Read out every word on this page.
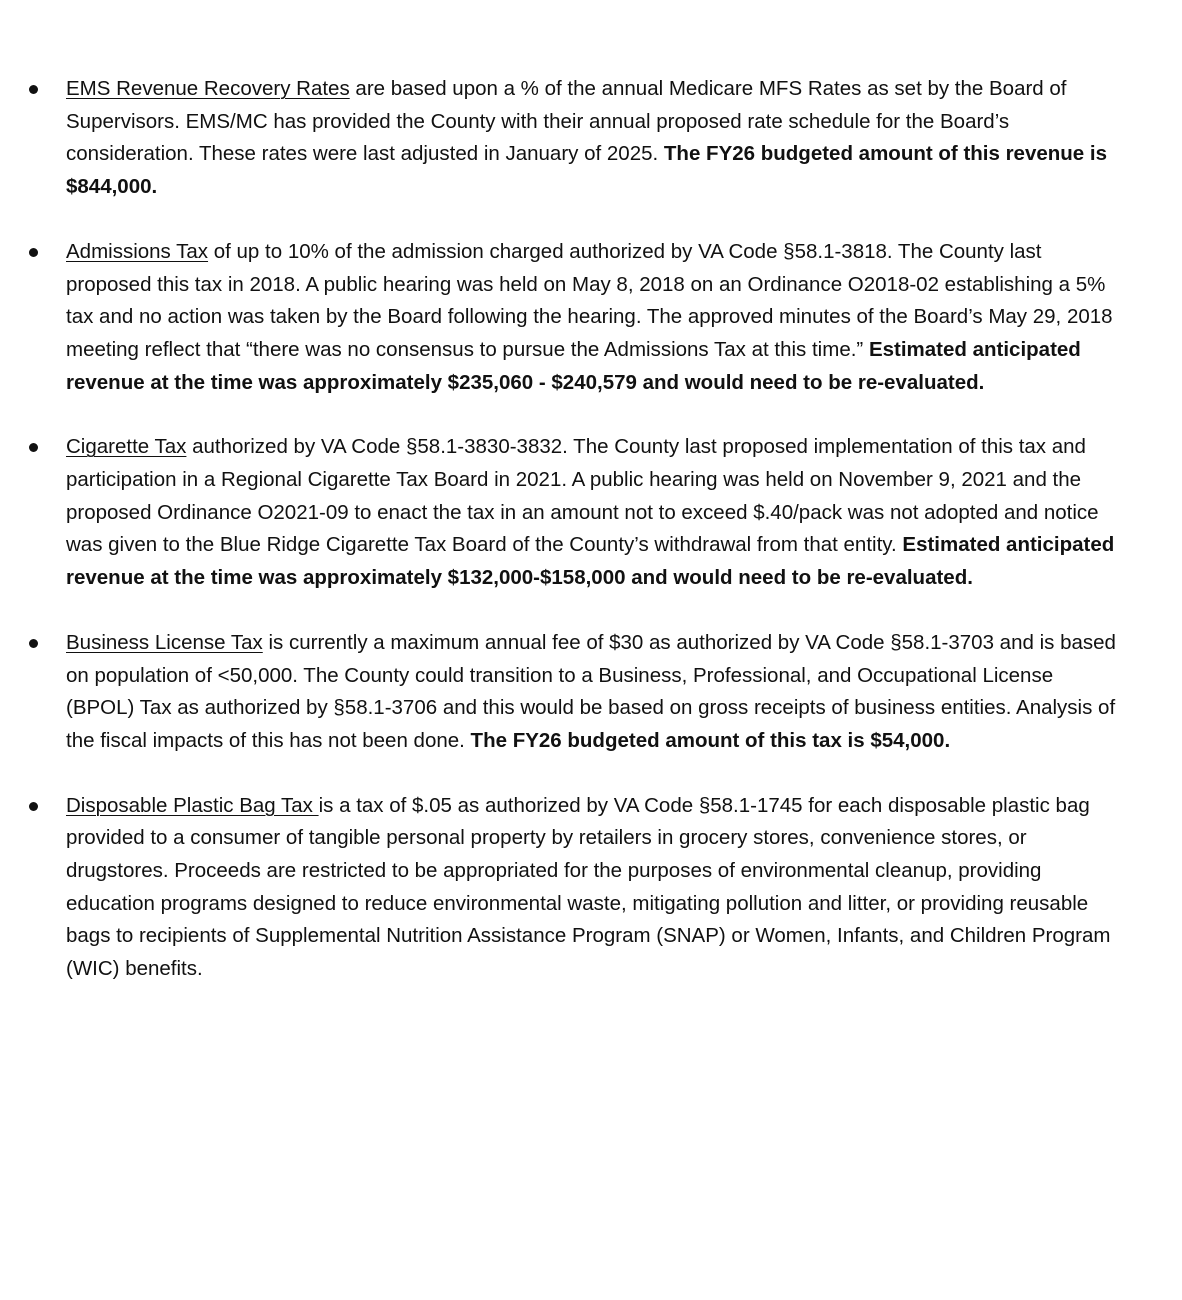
EMS Revenue Recovery Rates are based upon a % of the annual Medicare MFS Rates as set by the Board of Supervisors. EMS/MC has provided the County with their annual proposed rate schedule for the Board’s consideration. These rates were last adjusted in January of 2025. The FY26 budgeted amount of this revenue is $844,000.
Admissions Tax of up to 10% of the admission charged authorized by VA Code §58.1-3818. The County last proposed this tax in 2018. A public hearing was held on May 8, 2018 on an Ordinance O2018-02 establishing a 5% tax and no action was taken by the Board following the hearing. The approved minutes of the Board’s May 29, 2018 meeting reflect that “there was no consensus to pursue the Admissions Tax at this time.” Estimated anticipated revenue at the time was approximately $235,060 - $240,579 and would need to be re-evaluated.
Cigarette Tax authorized by VA Code §58.1-3830-3832. The County last proposed implementation of this tax and participation in a Regional Cigarette Tax Board in 2021. A public hearing was held on November 9, 2021 and the proposed Ordinance O2021-09 to enact the tax in an amount not to exceed $.40/pack was not adopted and notice was given to the Blue Ridge Cigarette Tax Board of the County’s withdrawal from that entity. Estimated anticipated revenue at the time was approximately $132,000-$158,000 and would need to be re-evaluated.
Business License Tax is currently a maximum annual fee of $30 as authorized by VA Code §58.1-3703 and is based on population of <50,000. The County could transition to a Business, Professional, and Occupational License (BPOL) Tax as authorized by §58.1-3706 and this would be based on gross receipts of business entities. Analysis of the fiscal impacts of this has not been done. The FY26 budgeted amount of this tax is $54,000.
Disposable Plastic Bag Tax is a tax of $.05 as authorized by VA Code §58.1-1745 for each disposable plastic bag provided to a consumer of tangible personal property by retailers in grocery stores, convenience stores, or drugstores. Proceeds are restricted to be appropriated for the purposes of environmental cleanup, providing education programs designed to reduce environmental waste, mitigating pollution and litter, or providing reusable bags to recipients of Supplemental Nutrition Assistance Program (SNAP) or Women, Infants, and Children Program (WIC) benefits.
